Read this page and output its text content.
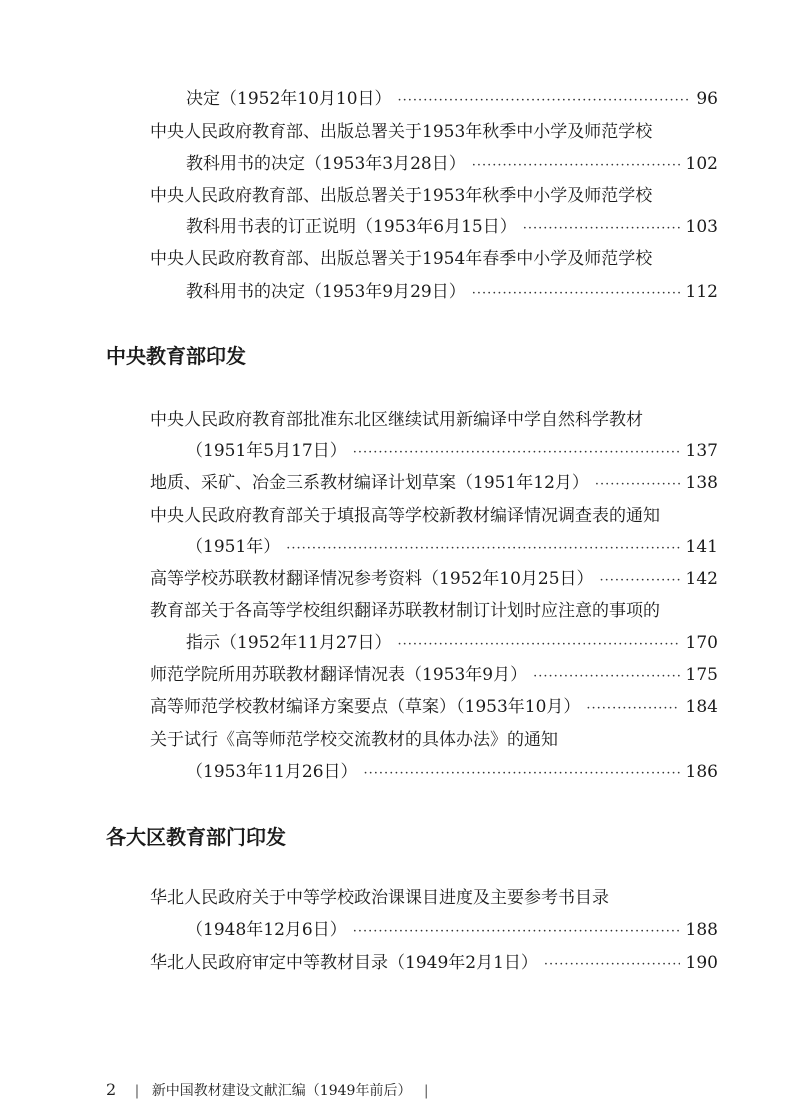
决定（1952年10月10日） ·····	96
中央人民政府教育部、出版总署关于1953年秋季中小学及师范学校
教科用书的决定（1953年3月28日） ·····	102
中央人民政府教育部、出版总署关于1953年秋季中小学及师范学校
教科用书表的订正说明（1953年6月15日） ·····	103
中央人民政府教育部、出版总署关于1954年春季中小学及师范学校
教科用书的决定（1953年9月29日） ·····	112
中央教育部印发
中央人民政府教育部批准东北区继续试用新编译中学自然科学教材
（1951年5月17日） ·····	137
地质、采矿、冶金三系教材编译计划草案（1951年12月） ·····	138
中央人民政府教育部关于填报高等学校新教材编译情况调查表的通知
（1951年） ·····	141
高等学校苏联教材翻译情况参考资料（1952年10月25日） ·····	142
教育部关于各高等学校组织翻译苏联教材制订计划时应注意的事项的
指示（1952年11月27日） ·····	170
师范学院所用苏联教材翻译情况表（1953年9月） ·····	175
高等师范学校教材编译方案要点（草案）（1953年10月） ·····	184
关于试行《高等师范学校交流教材的具体办法》的通知
（1953年11月26日） ·····	186
各大区教育部门印发
华北人民政府关于中等学校政治课课目进度及主要参考书目录
（1948年12月6日） ·····	188
华北人民政府审定中等教材目录（1949年2月1日） ·····	190
2 | 新中国教材建设文献汇编（1949年前后） |
